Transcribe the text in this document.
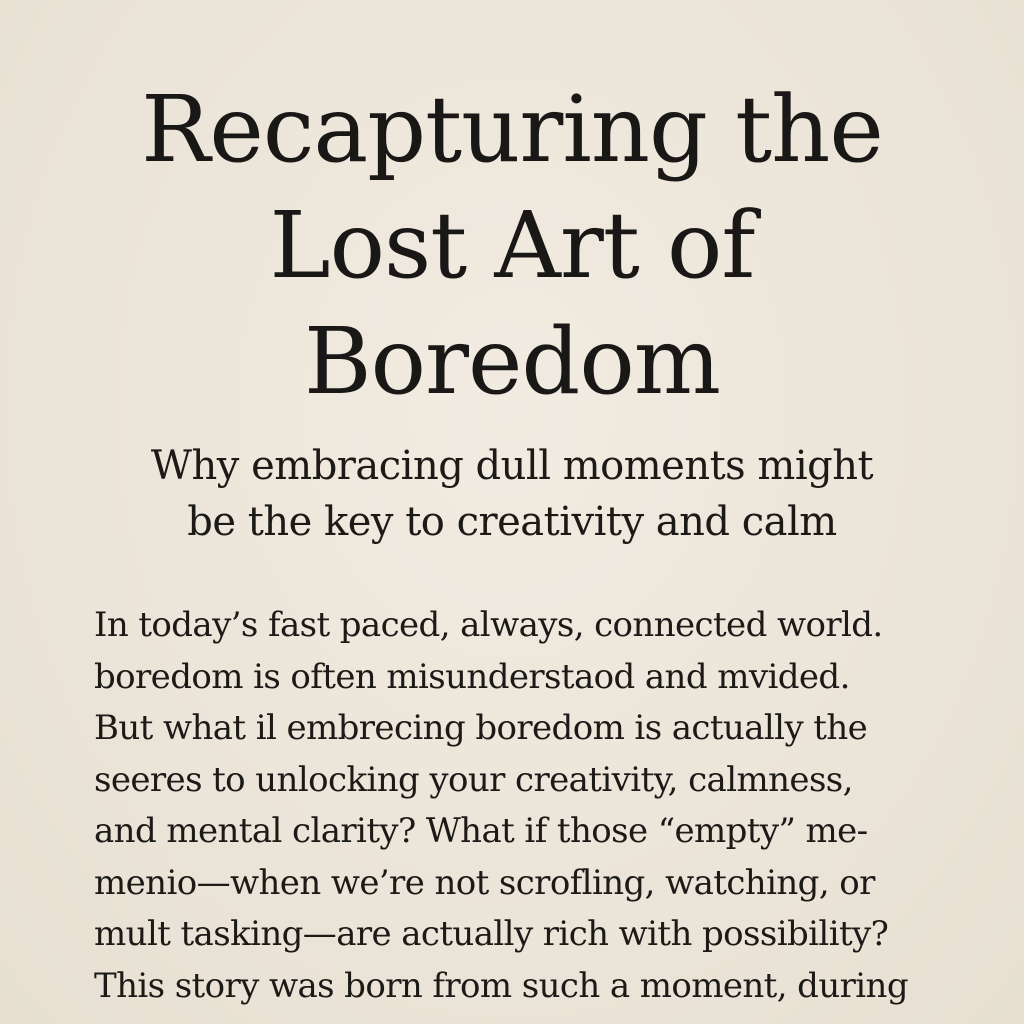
Recapturing the
Lost Art of
Boredom
Why embracing dull moments might
be the key to creativity and calm
In today’s fast paced, always, connected world.
boredom is often misunderstaod and mvided.
But what il embrecing boredom is actually the
seeres to unlocking your creativity, calmness,
and mental clarity? What if those “empty” me-
menio—when we’re not scrofling, watching, or
mult tasking—are actually rich with possibility?
This story was born from such a moment, during
